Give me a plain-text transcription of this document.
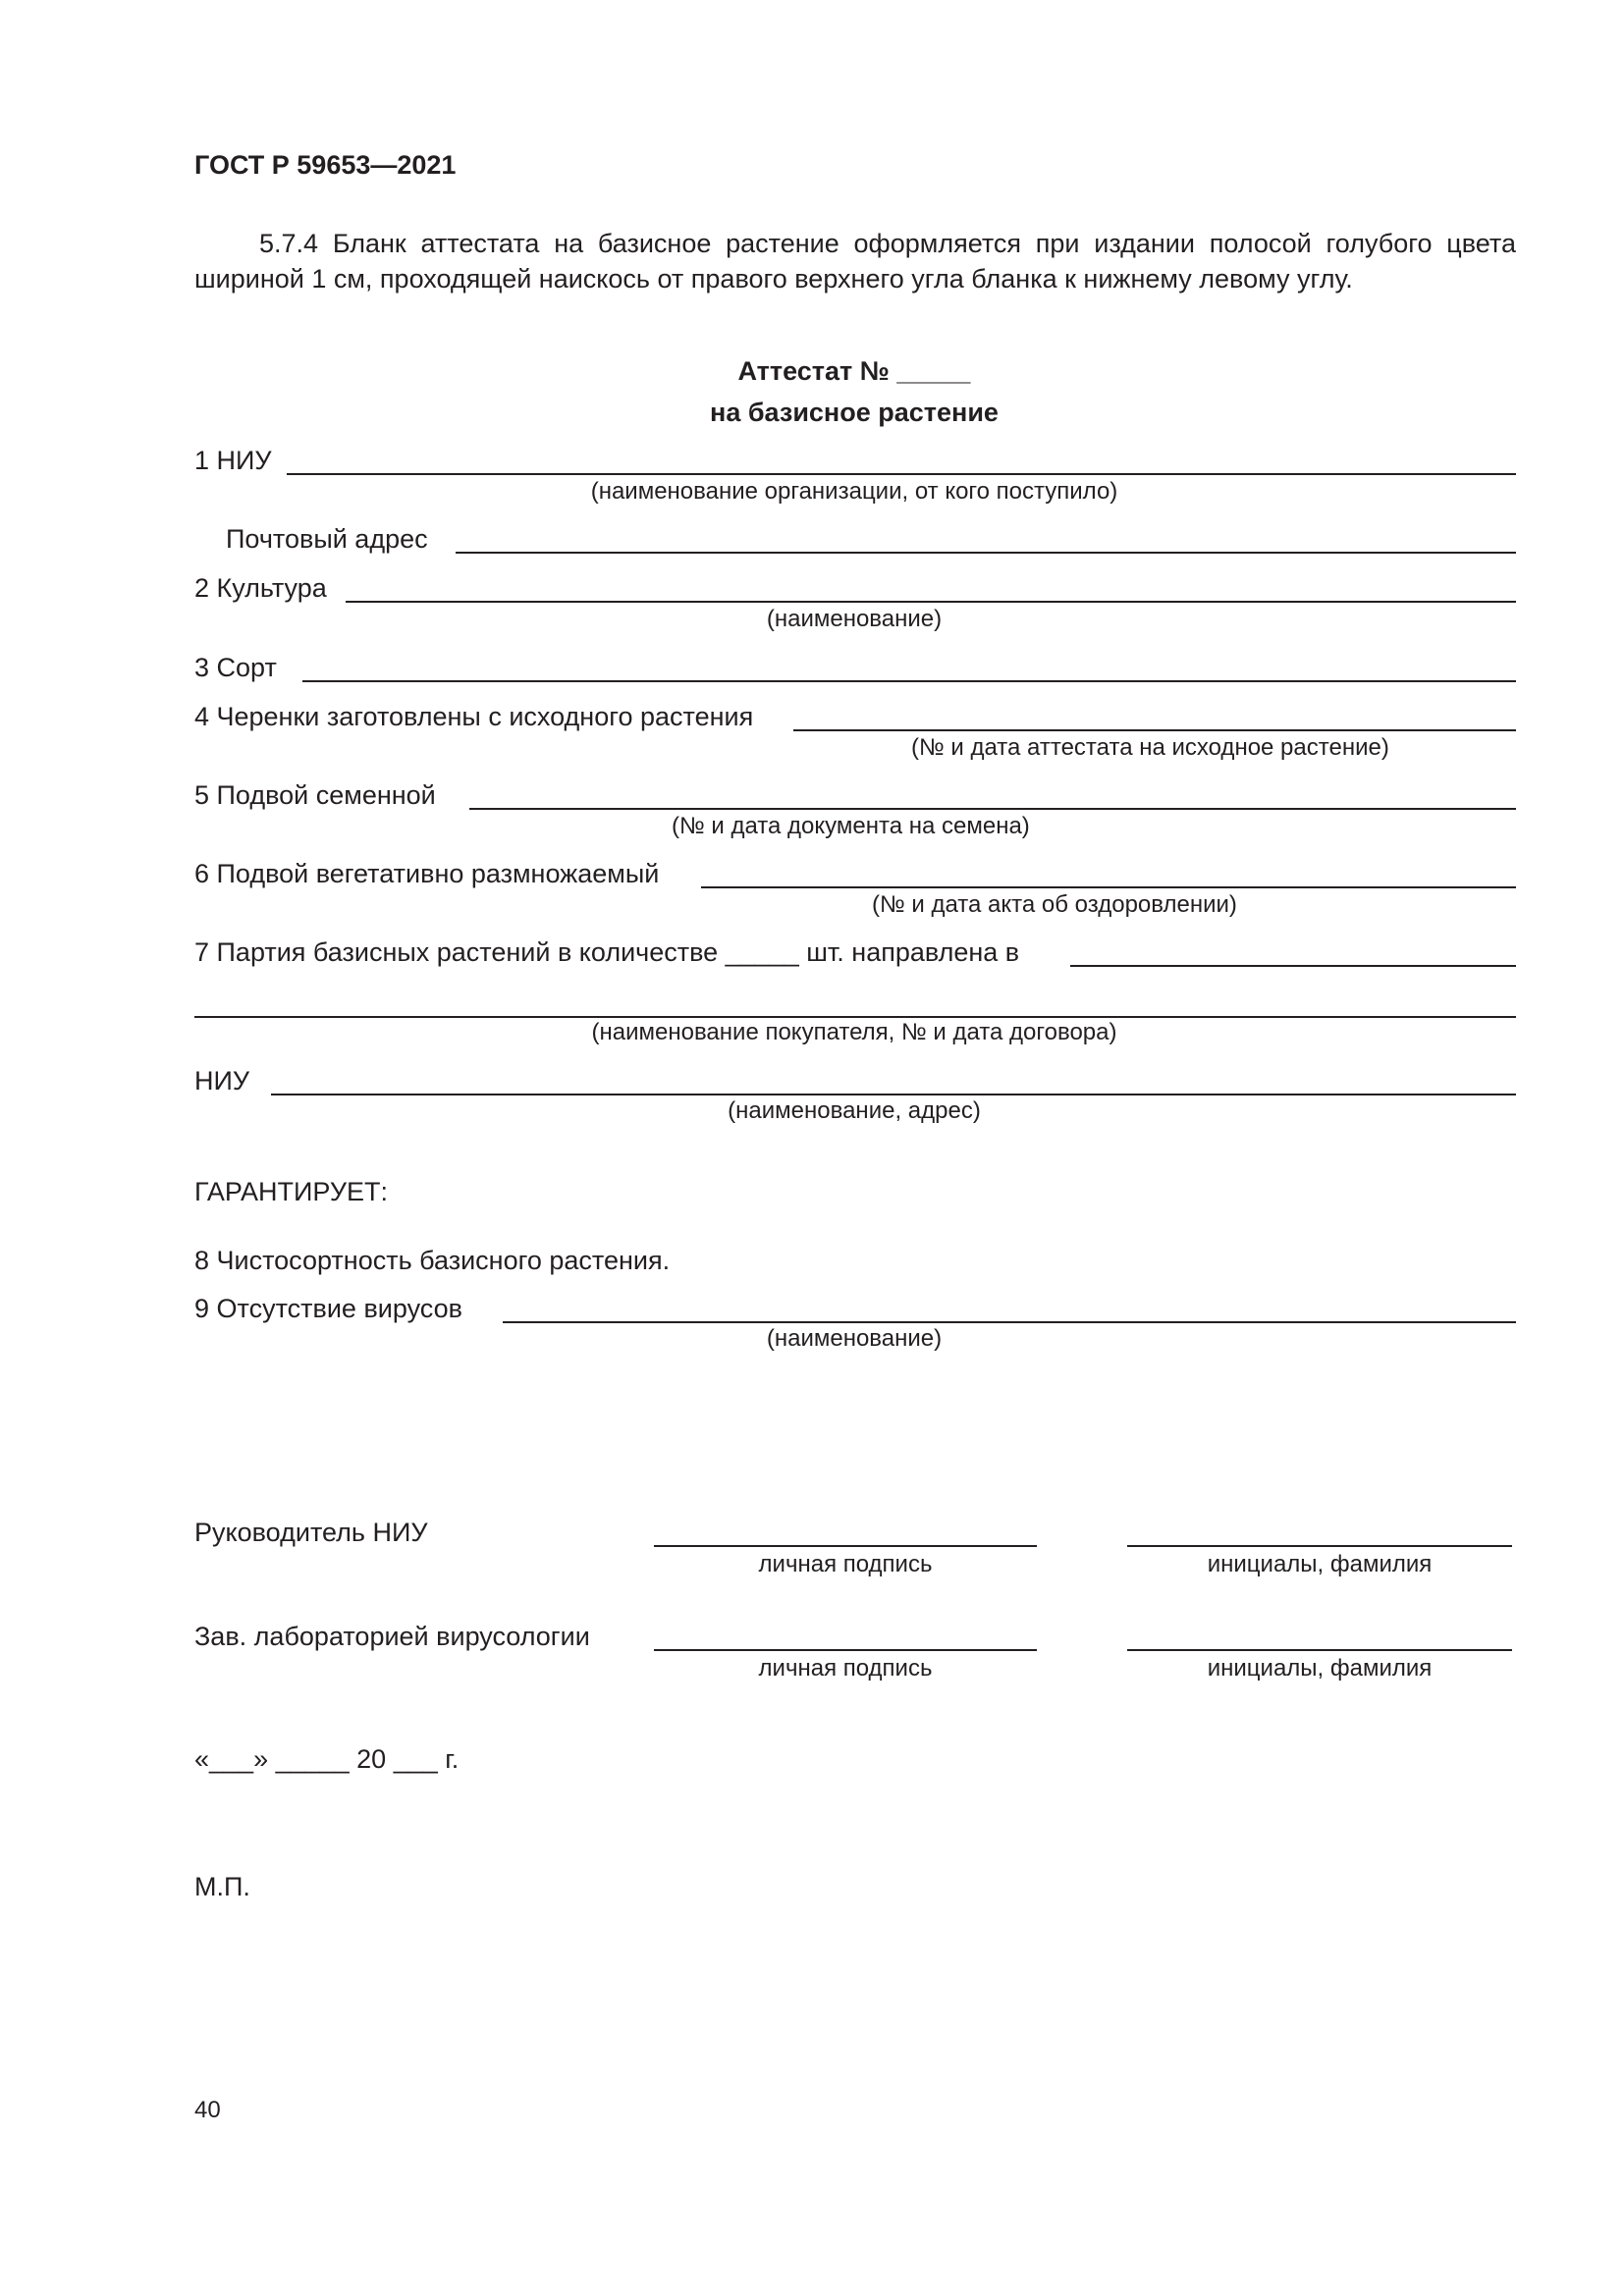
ГОСТ Р 59653—2021
5.7.4 Бланк аттестата на базисное растение оформляется при издании полосой голубого цвета
шириной 1 см, проходящей наискось от правого верхнего угла бланка к нижнему левому углу.
Аттестат № _____
на базисное растение
1 НИУ
(наименование организации, от кого поступило)
Почтовый адрес
2 Культура
(наименование)
3 Сорт
4 Черенки заготовлены с исходного растения
(№ и дата аттестата на исходное растение)
5 Подвой семенной
(№ и дата документа на семена)
6 Подвой вегетативно размножаемый
(№ и дата акта об оздоровлении)
7 Партия базисных растений в количестве _____ шт. направлена в
(наименование покупателя, № и дата договора)
НИУ
(наименование, адрес)
ГАРАНТИРУЕТ:
8 Чистосортность базисного растения.
9 Отсутствие вирусов
(наименование)
Руководитель НИУ
личная подпись	инициалы, фамилия
Зав. лабораторией вирусологии
личная подпись	инициалы, фамилия
«___» _____ 20 ___ г.
М.П.
40
